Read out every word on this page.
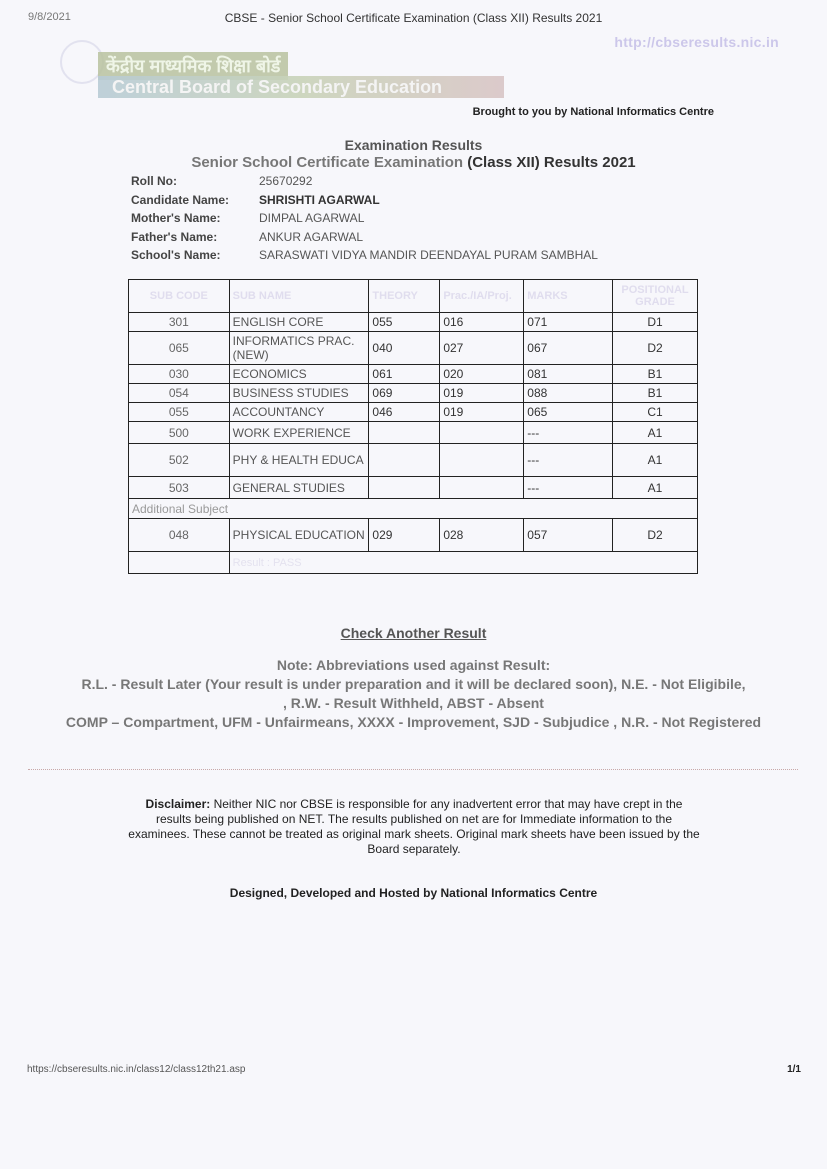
9/8/2021	CBSE - Senior School Certificate Examination (Class XII) Results 2021
http://cbseresults.nic.in
केंद्रीय माध्यमिक शिक्षा बोर्ड
Central Board of Secondary Education
Brought to you by National Informatics Centre
Examination Results
Senior School Certificate Examination (Class XII) Results 2021
Roll No:	25670292
Candidate Name:	SHRISHTI AGARWAL
Mother's Name:	DIMPAL AGARWAL
Father's Name:	ANKUR AGARWAL
School's Name:	SARASWATI VIDYA MANDIR DEENDAYAL PURAM SAMBHAL
SUB CODE	SUB NAME	THEORY	Prac./IA/Proj.	MARKS	POSITIONAL GRADE
301	ENGLISH CORE	055	016	071	D1
065	INFORMATICS PRAC. (NEW)	040	027	067	D2
030	ECONOMICS	061	020	081	B1
054	BUSINESS STUDIES	069	019	088	B1
055	ACCOUNTANCY	046	019	065	C1
500	WORK EXPERIENCE			---	A1
502	PHY & HEALTH EDUCA			---	A1
503	GENERAL STUDIES			---	A1
Additional Subject					
048	PHYSICAL EDUCATION	029	028	057	D2
	Result : PASS				
Check Another Result
Note: Abbreviations used against Result:
R.L. - Result Later (Your result is under preparation and it will be declared soon), N.E. - Not Eligibile,
, R.W. - Result Withheld, ABST - Absent
COMP – Compartment, UFM - Unfairmeans, XXXX - Improvement, SJD - Subjudice , N.R. - Not Registered
Disclaimer: Neither NIC nor CBSE is responsible for any inadvertent error that may have crept in the results being published on NET. The results published on net are for Immediate information to the examinees. These cannot be treated as original mark sheets. Original mark sheets have been issued by the Board separately.
Designed, Developed and Hosted by National Informatics Centre
https://cbseresults.nic.in/class12/class12th21.asp	1/1
